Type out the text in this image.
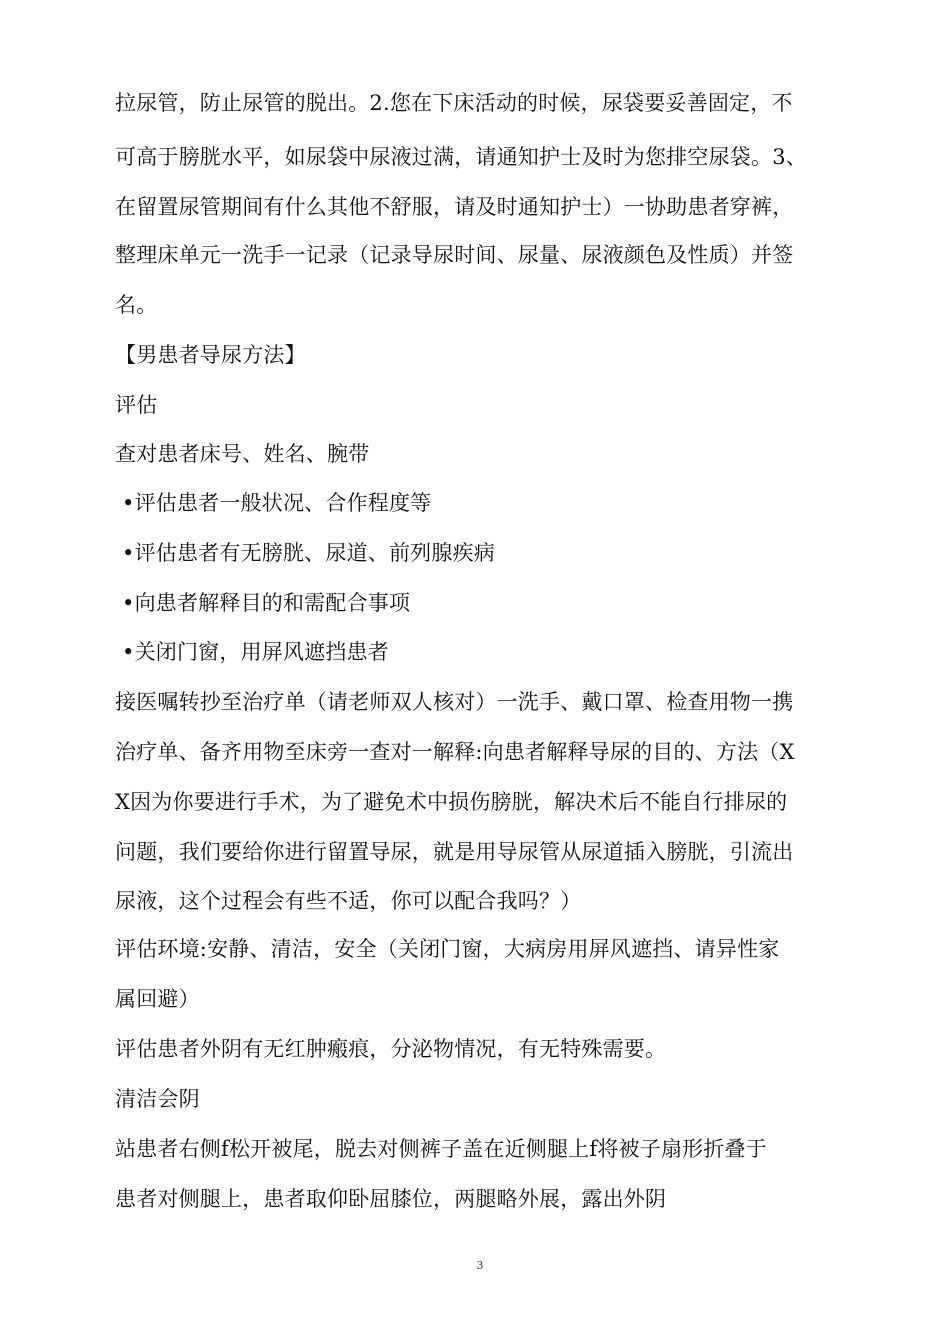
拉尿管，防止尿管的脱出。2.您在下床活动的时候，尿袋要妥善固定，不
可高于膀胱水平，如尿袋中尿液过满，请通知护士及时为您排空尿袋。3、
在留置尿管期间有什么其他不舒服，请及时通知护士）一协助患者穿裤，
整理床单元一洗手一记录（记录导尿时间、尿量、尿液颜色及性质）并签
名。
【男患者导尿方法】
评估
查对患者床号、姓名、腕带
•评估患者一般状况、合作程度等
•评估患者有无膀胱、尿道、前列腺疾病
•向患者解释目的和需配合事项
•关闭门窗，用屏风遮挡患者
接医嘱转抄至治疗单（请老师双人核对）一洗手、戴口罩、检查用物一携
治疗单、备齐用物至床旁一查对一解释:向患者解释导尿的目的、方法（X
X因为你要进行手术，为了避免术中损伤膀胱，解决术后不能自行排尿的
问题，我们要给你进行留置导尿，就是用导尿管从尿道插入膀胱，引流出
尿液，这个过程会有些不适，你可以配合我吗？）
评估环境:安静、清洁，安全（关闭门窗，大病房用屏风遮挡、请异性家
属回避）
评估患者外阴有无红肿瘢痕，分泌物情况，有无特殊需要。
清洁会阴
站患者右侧f松开被尾，脱去对侧裤子盖在近侧腿上f将被子扇形折叠于
患者对侧腿上，患者取仰卧屈膝位，两腿略外展，露出外阴
3
